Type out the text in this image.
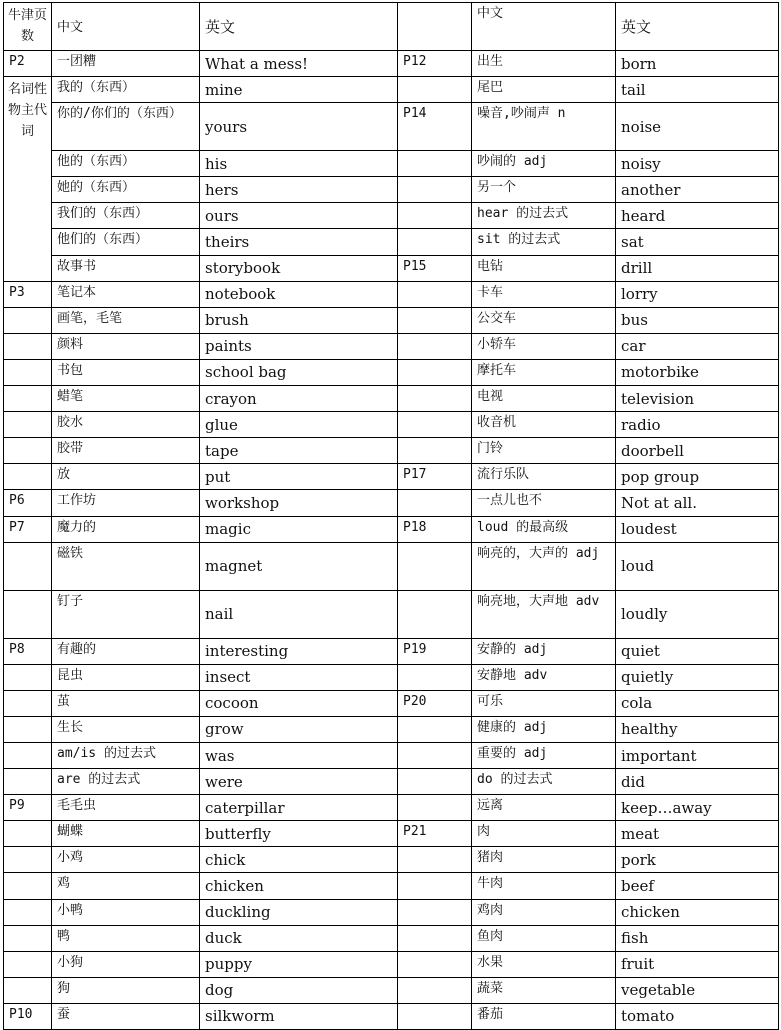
牛津页数	中文	英文		中文	英文
P2	一团糟	What a mess!	P12	出生	born
名词性物主代词	我的（东西）	mine		尾巴	tail
	你的/你们的（东西）	yours	P14	噪音,吵闹声 n	noise
	他的（东西）	his		吵闹的 adj	noisy
	她的（东西）	hers		另一个	another
	我们的（东西）	ours		hear 的过去式	heard
	他们的（东西）	theirs		sit 的过去式	sat
	故事书	storybook	P15	电钻	drill
P3	笔记本	notebook		卡车	lorry
	画笔，毛笔	brush		公交车	bus
	颜料	paints		小轿车	car
	书包	school bag		摩托车	motorbike
	蜡笔	crayon		电视	television
	胶水	glue		收音机	radio
	胶带	tape		门铃	doorbell
	放	put	P17	流行乐队	pop group
P6	工作坊	workshop		一点儿也不	Not at all.
P7	魔力的	magic	P18	loud 的最高级	loudest
	磁铁	magnet		响亮的，大声的 adj	loud
	钉子	nail		响亮地，大声地 adv	loudly
P8	有趣的	interesting	P19	安静的 adj	quiet
	昆虫	insect		安静地 adv	quietly
	茧	cocoon	P20	可乐	cola
	生长	grow		健康的 adj	healthy
	am/is 的过去式	was		重要的 adj	important
	are 的过去式	were		do 的过去式	did
P9	毛毛虫	caterpillar		远离	keep…away
	蝴蝶	butterfly	P21	肉	meat
	小鸡	chick		猪肉	pork
	鸡	chicken		牛肉	beef
	小鸭	duckling		鸡肉	chicken
	鸭	duck		鱼肉	fish
	小狗	puppy		水果	fruit
	狗	dog		蔬菜	vegetable
P10	蚕	silkworm		番茄	tomato
